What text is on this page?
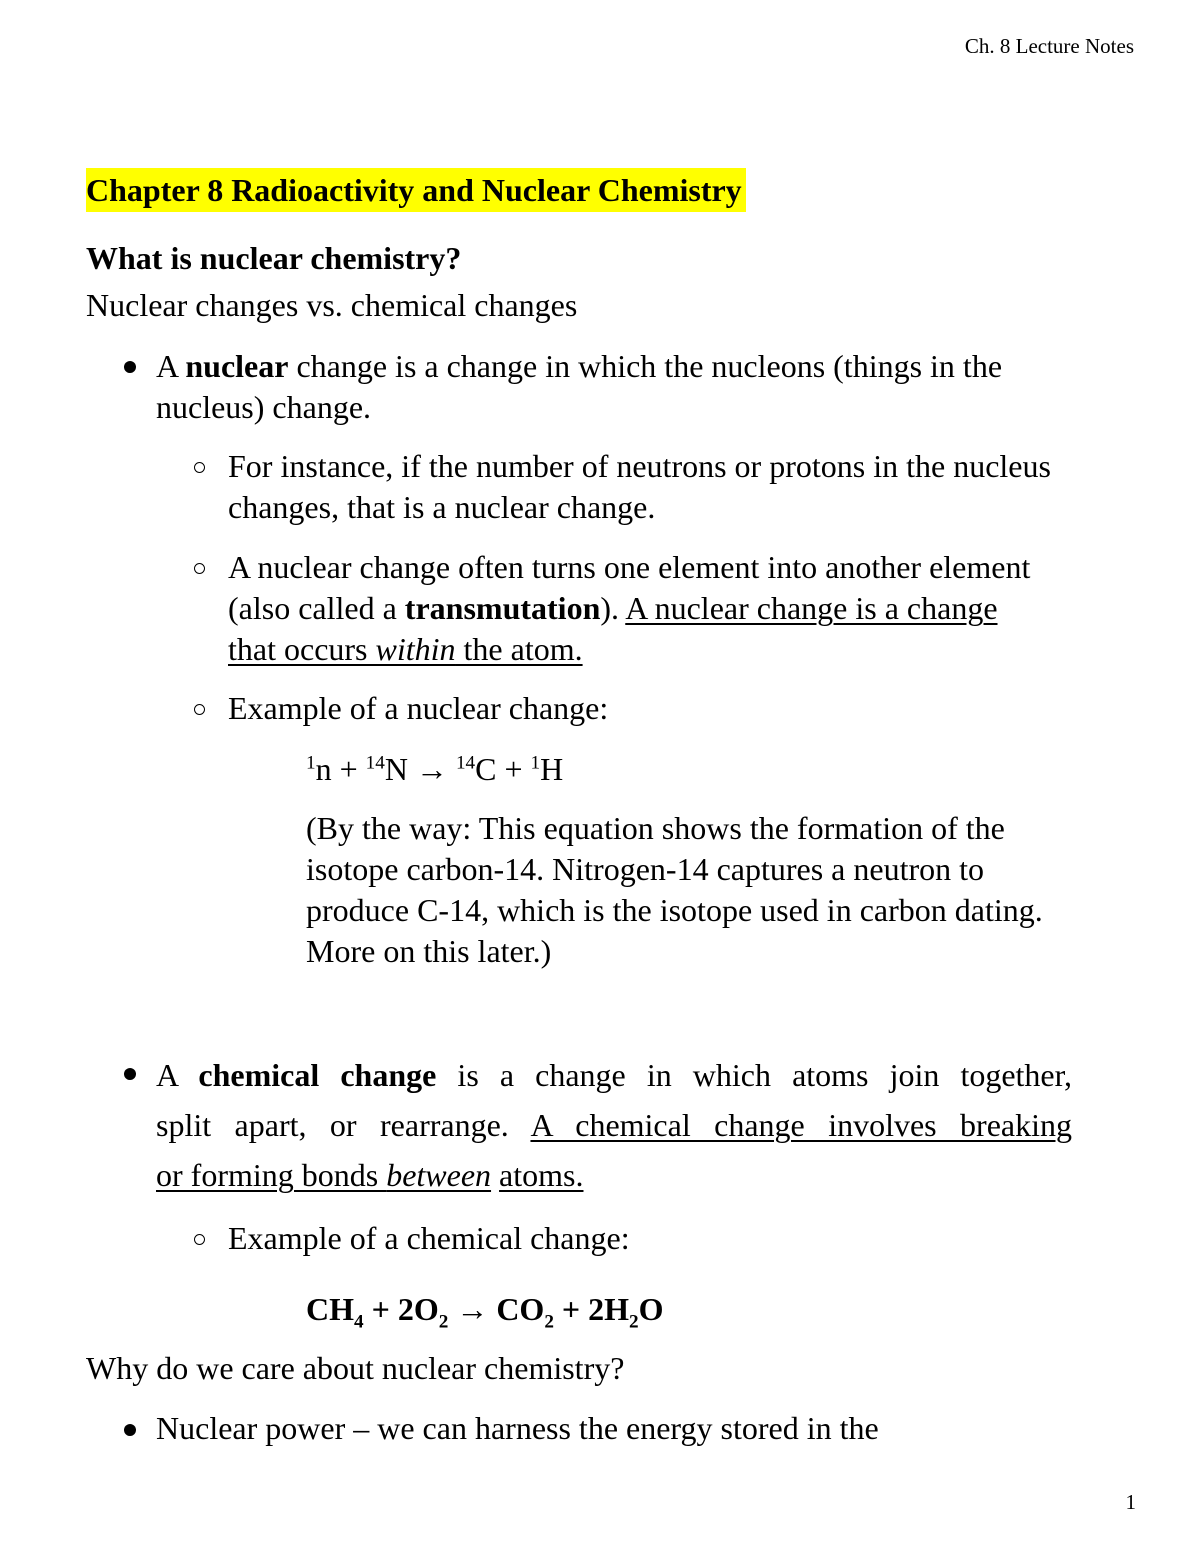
Ch. 8 Lecture Notes
Chapter 8 Radioactivity and Nuclear Chemistry
What is nuclear chemistry?
Nuclear changes vs. chemical changes
A nuclear change is a change in which the nucleons (things in the
nucleus) change.
For instance, if the number of neutrons or protons in the nucleus
changes, that is a nuclear change.
A nuclear change often turns one element into another element
(also called a transmutation). A nuclear change is a change
that occurs within the atom.
Example of a nuclear change:
$^1$n + $^{14}$N → $^{14}$C + $^1$H
(By the way: This equation shows the formation of the
isotope carbon-14. Nitrogen-14 captures a neutron to
produce C-14, which is the isotope used in carbon dating.
More on this later.)
A chemical change is a change in which atoms join together,
split apart, or rearrange. A chemical change involves breaking
or forming bonds between atoms.
Example of a chemical change:
$CH_4 + 2O_2 \to CO_2 + 2H_2O$
Why do we care about nuclear chemistry?
Nuclear power – we can harness the energy stored in the
1
